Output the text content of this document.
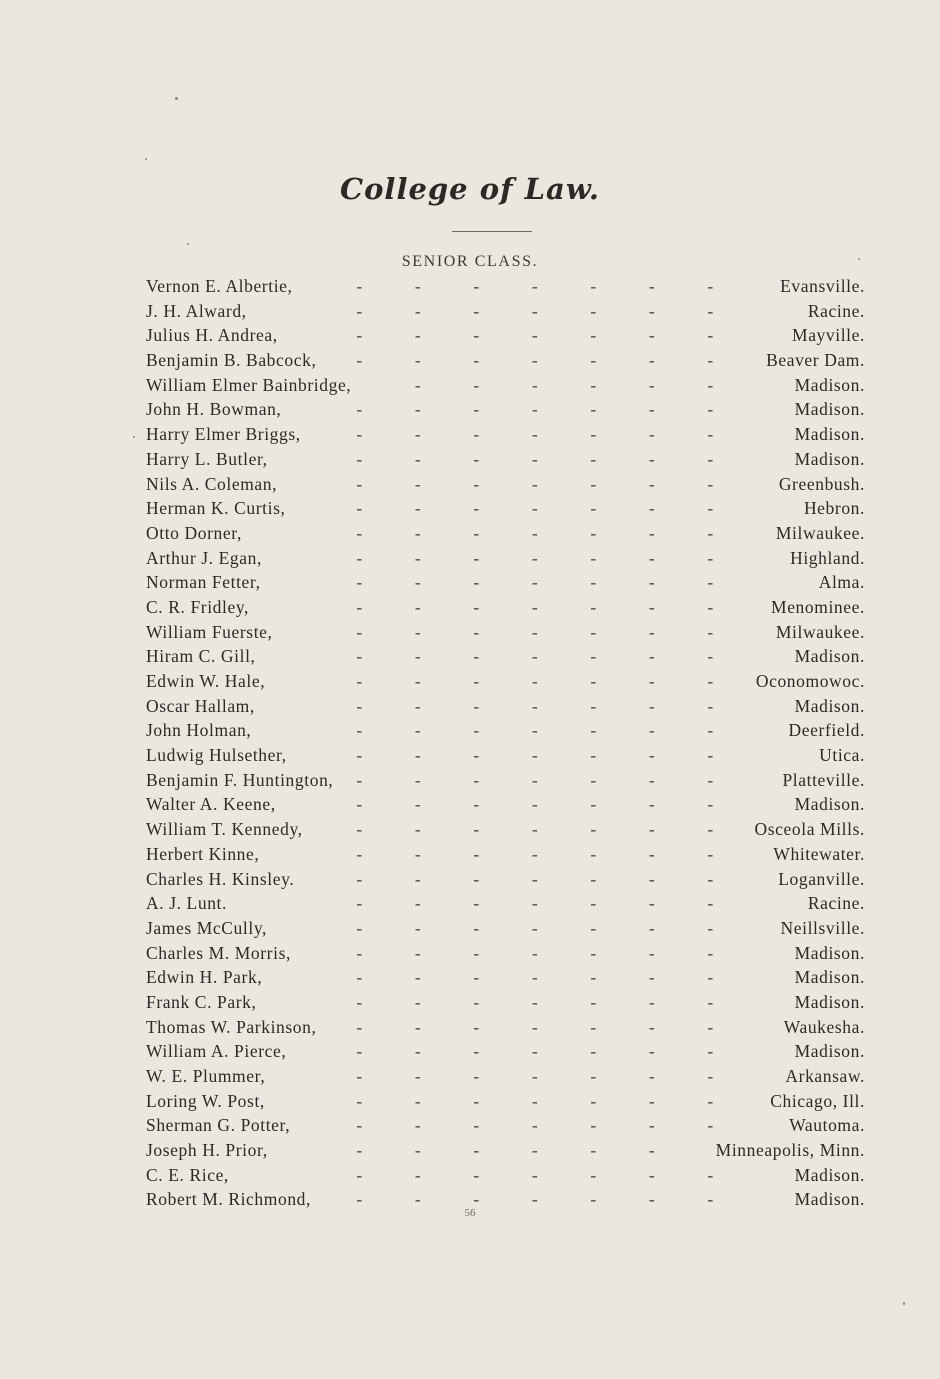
College of Law.
SENIOR CLASS.
Vernon E. Albertie,	-	-	-	-	-	-	-	Evansville.
J. H. Alward,	-	-	-	-	-	-	-	Racine.
Julius H. Andrea,	-	-	-	-	-	-	-	Mayville.
Benjamin B. Babcock,	-	-	-	-	-	-	-	Beaver Dam.
William Elmer Bainbridge,	-	-	-	-	-	-	Madison.
John H. Bowman,	-	-	-	-	-	-	-	Madison.
Harry Elmer Briggs,	-	-	-	-	-	-	-	Madison.
Harry L. Butler,	-	-	-	-	-	-	-	Madison.
Nils A. Coleman,	-	-	-	-	-	-	-	Greenbush.
Herman K. Curtis,	-	-	-	-	-	-	-	Hebron.
Otto Dorner,	-	-	-	-	-	-	-	Milwaukee.
Arthur J. Egan,	-	-	-	-	-	-	-	Highland.
Norman Fetter,	-	-	-	-	-	-	-	Alma.
C. R. Fridley,	-	-	-	-	-	-	-	Menominee.
William Fuerste,	-	-	-	-	-	-	-	Milwaukee.
Hiram C. Gill,	-	-	-	-	-	-	-	Madison.
Edwin W. Hale,	-	-	-	-	-	-	-	Oconomowoc.
Oscar Hallam,	-	-	-	-	-	-	-	Madison.
John Holman,	-	-	-	-	-	-	-	Deerfield.
Ludwig Hulsether,	-	-	-	-	-	-	-	Utica.
Benjamin F. Huntington,	-	-	-	-	-	-	-	Platteville.
Walter A. Keene,	-	-	-	-	-	-	-	Madison.
William T. Kennedy,	-	-	-	-	-	-	-	Osceola Mills.
Herbert Kinne,	-	-	-	-	-	-	-	Whitewater.
Charles H. Kinsley.	-	-	-	-	-	-	-	Loganville.
A. J. Lunt.	-	-	-	-	-	-	-	Racine.
James McCully,	-	-	-	-	-	-	-	Neillsville.
Charles M. Morris,	-	-	-	-	-	-	-	Madison.
Edwin H. Park,	-	-	-	-	-	-	-	Madison.
Frank C. Park,	-	-	-	-	-	-	-	Madison.
Thomas W. Parkinson,	-	-	-	-	-	-	-	Waukesha.
William A. Pierce,	-	-	-	-	-	-	-	Madison.
W. E. Plummer,	-	-	-	-	-	-	-	Arkansaw.
Loring W. Post,	-	-	-	-	-	-	-	Chicago, Ill.
Sherman G. Potter,	-	-	-	-	-	-	-	Wautoma.
Joseph H. Prior,	-	-	-	-	-	-	Minneapolis, Minn.
C. E. Rice,	-	-	-	-	-	-	-	Madison.
Robert M. Richmond,	-	-	-	-	-	-	-	Madison.
56
